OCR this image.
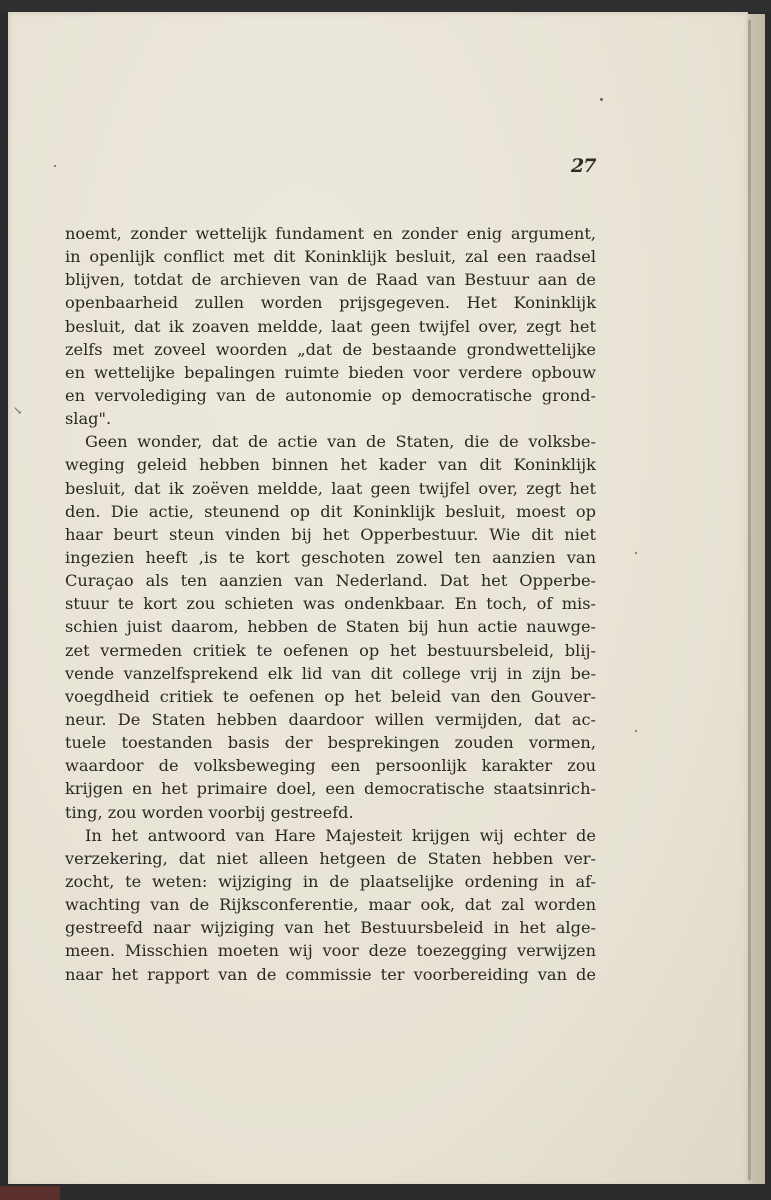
27
noemt, zonder wettelijk fundament en zonder enig argument,
in openlijk conflict met dit Koninklijk besluit, zal een raadsel
blijven, totdat de archieven van de Raad van Bestuur aan de
openbaarheid zullen worden prijsgegeven. Het Koninklijk
besluit, dat ik zoaven meldde, laat geen twijfel over, zegt het
zelfs met zoveel woorden „dat de bestaande grondwettelijke
en wettelijke bepalingen ruimte bieden voor verdere opbouw
en vervolediging van de autonomie op democratische grond-
slag".
Geen wonder, dat de actie van de Staten, die de volksbe-
weging geleid hebben binnen het kader van dit Koninklijk
besluit, dat ik zoëven meldde, laat geen twijfel over, zegt het
den. Die actie, steunend op dit Koninklijk besluit, moest op
haar beurt steun vinden bij het Opperbestuur. Wie dit niet
ingezien heeft ,is te kort geschoten zowel ten aanzien van
Curaçao als ten aanzien van Nederland. Dat het Opperbe-
stuur te kort zou schieten was ondenkbaar. En toch, of mis-
schien juist daarom, hebben de Staten bij hun actie nauwge-
zet vermeden critiek te oefenen op het bestuursbeleid, blij-
vende vanzelfsprekend elk lid van dit college vrij in zijn be-
voegdheid critiek te oefenen op het beleid van den Gouver-
neur. De Staten hebben daardoor willen vermijden, dat ac-
tuele toestanden basis der besprekingen zouden vormen,
waardoor de volksbeweging een persoonlijk karakter zou
krijgen en het primaire doel, een democratische staatsinrich-
ting, zou worden voorbij gestreefd.
In het antwoord van Hare Majesteit krijgen wij echter de
verzekering, dat niet alleen hetgeen de Staten hebben ver-
zocht, te weten: wijziging in de plaatselijke ordening in af-
wachting van de Rijksconferentie, maar ook, dat zal worden
gestreefd naar wijziging van het Bestuursbeleid in het alge-
meen. Misschien moeten wij voor deze toezegging verwijzen
naar het rapport van de commissie ter voorbereiding van de
↘
